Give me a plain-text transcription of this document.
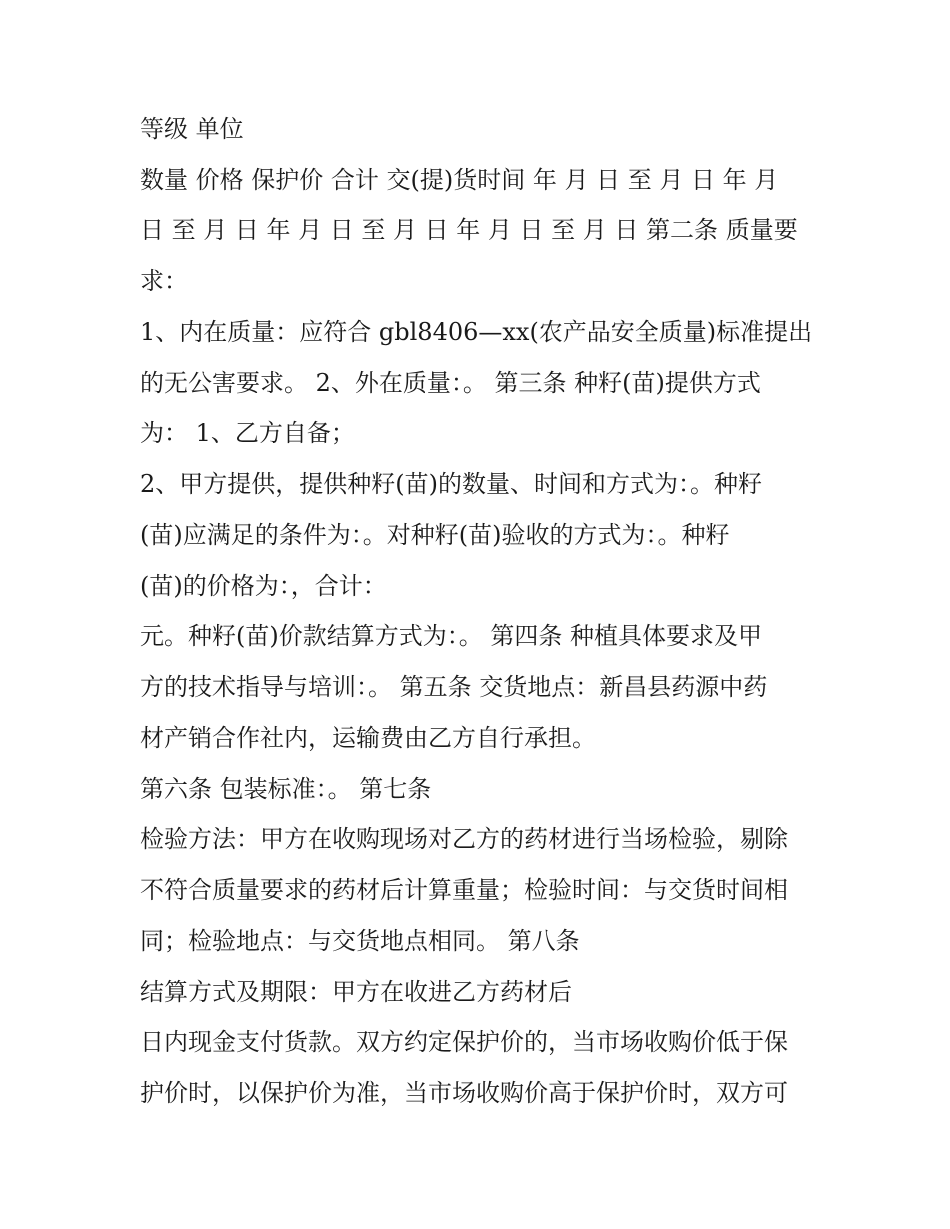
等级 单位

数量 价格 保护价 合计 交(提)货时间 年 月 日 至 月 日 年 月

日 至 月 日 年 月 日 至 月 日 年 月 日 至 月 日 第二条 质量要

求：

1、内在质量：应符合 gbl8406—xx(农产品安全质量)标准提出

的无公害要求。 2、外在质量：。 第三条 种籽(苗)提供方式

为： 1、乙方自备；

2、甲方提供，提供种籽(苗)的数量、时间和方式为：。种籽

(苗)应满足的条件为：。对种籽(苗)验收的方式为：。种籽

(苗)的价格为：，合计：

元。种籽(苗)价款结算方式为：。 第四条 种植具体要求及甲

方的技术指导与培训：。 第五条 交货地点：新昌县药源中药

材产销合作社内，运输费由乙方自行承担。

第六条 包装标准：。 第七条

检验方法：甲方在收购现场对乙方的药材进行当场检验，剔除

不符合质量要求的药材后计算重量；检验时间：与交货时间相

同；检验地点：与交货地点相同。 第八条

结算方式及期限：甲方在收进乙方药材后

日内现金支付货款。双方约定保护价的，当市场收购价低于保

护价时，以保护价为准，当市场收购价高于保护价时，双方可
